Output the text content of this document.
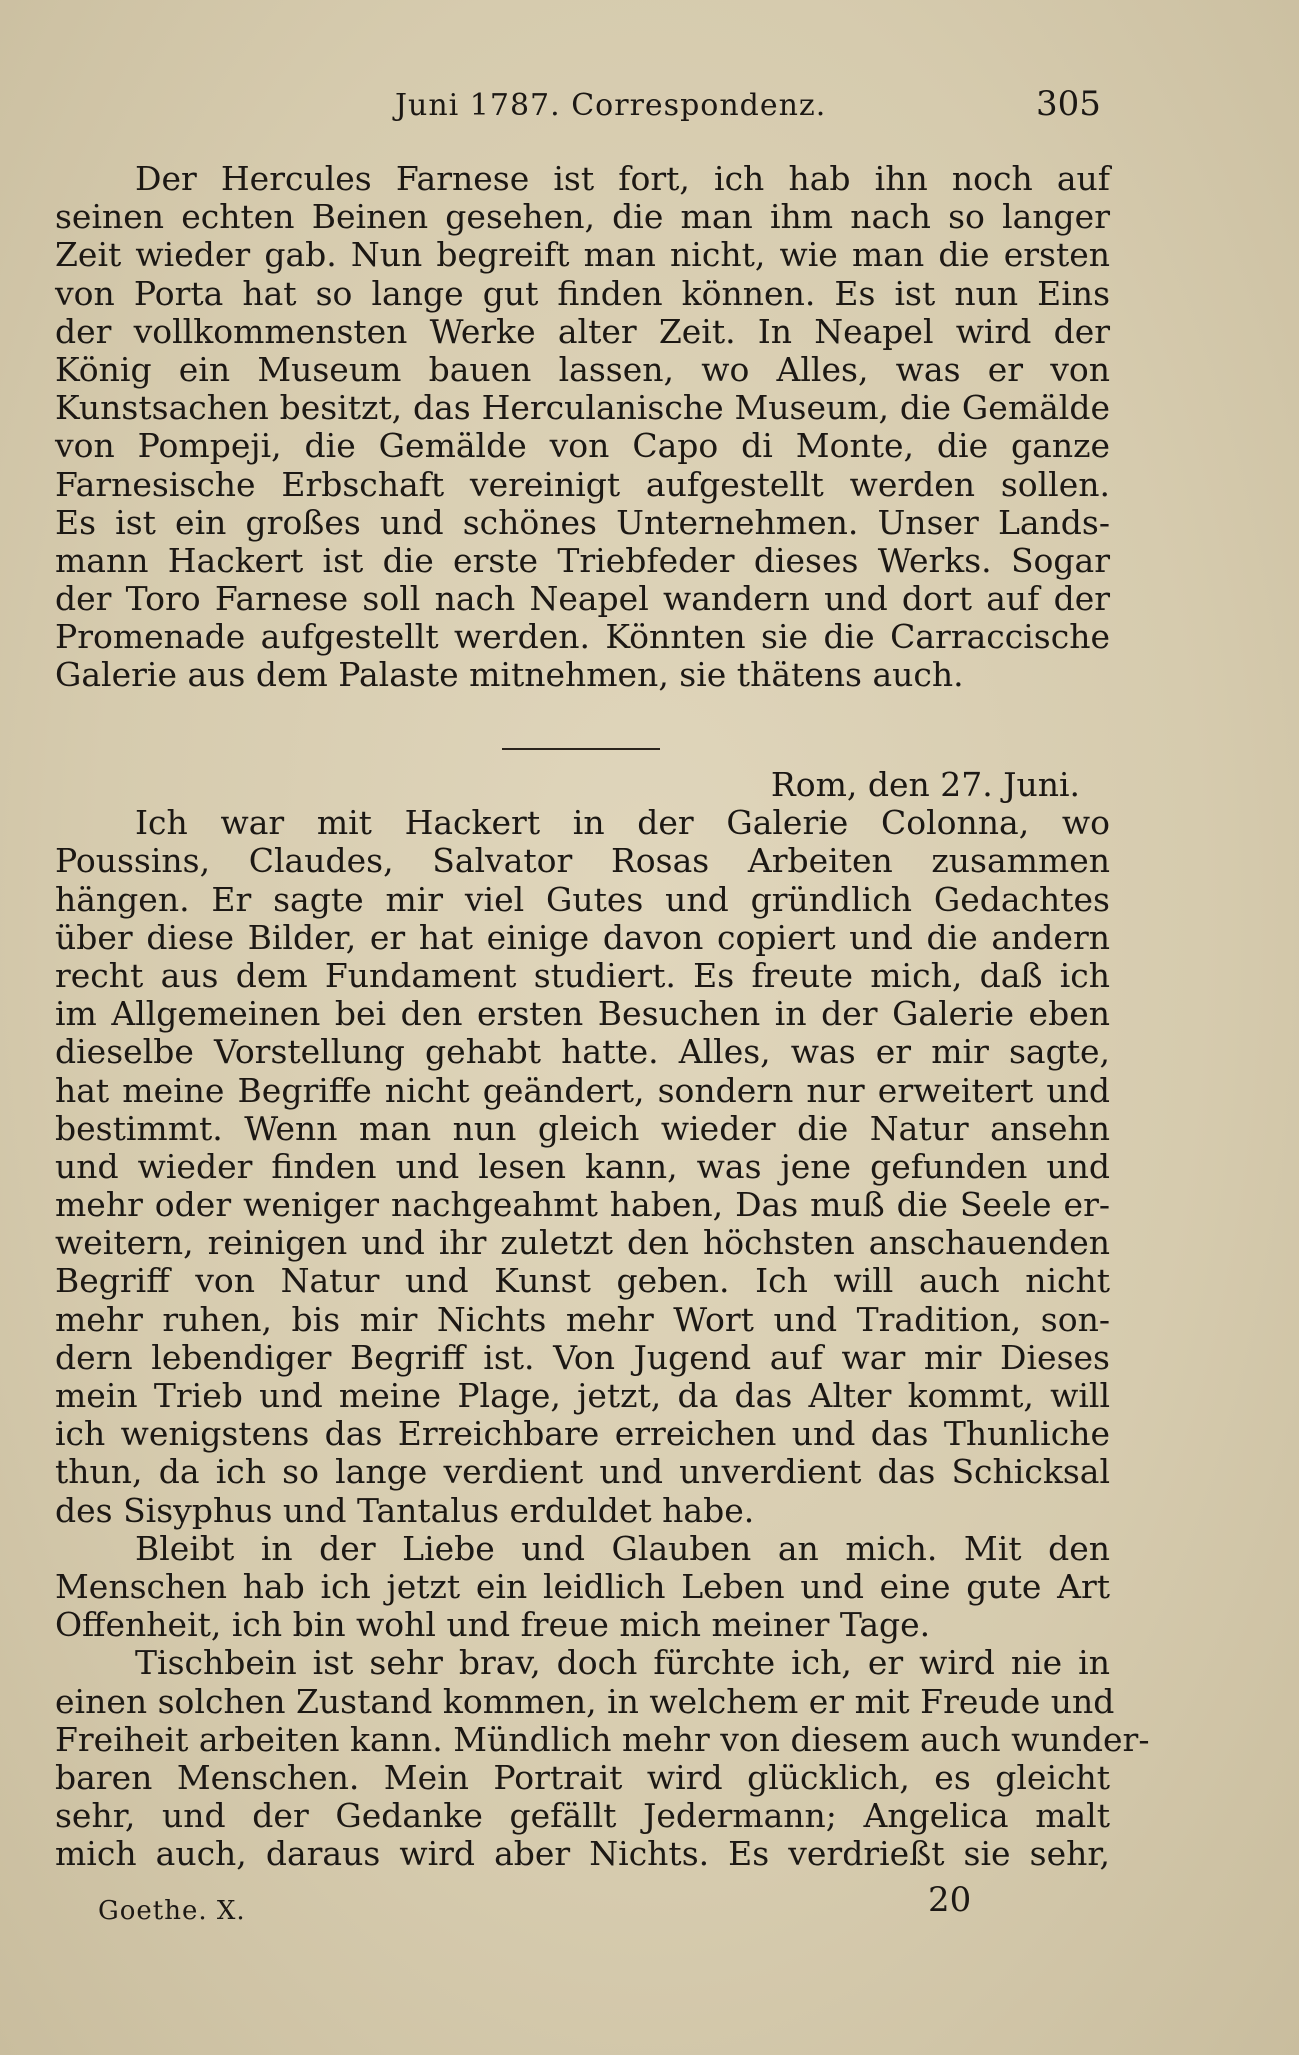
Juni 1787. Correspondenz.	305
Der Hercules Farnese ist fort, ich hab ihn noch auf
seinen echten Beinen gesehen, die man ihm nach so langer
Zeit wieder gab. Nun begreift man nicht, wie man die ersten
von Porta hat so lange gut finden können. Es ist nun Eins
der vollkommensten Werke alter Zeit. In Neapel wird der
König ein Museum bauen lassen, wo Alles, was er von
Kunstsachen besitzt, das Herculanische Museum, die Gemälde
von Pompeji, die Gemälde von Capo di Monte, die ganze
Farnesische Erbschaft vereinigt aufgestellt werden sollen.
Es ist ein großes und schönes Unternehmen. Unser Lands-
mann Hackert ist die erste Triebfeder dieses Werks. Sogar
der Toro Farnese soll nach Neapel wandern und dort auf der
Promenade aufgestellt werden. Könnten sie die Carraccische
Galerie aus dem Palaste mitnehmen, sie thätens auch.
Rom, den 27. Juni.
Ich war mit Hackert in der Galerie Colonna, wo
Poussins, Claudes, Salvator Rosas Arbeiten zusammen
hängen. Er sagte mir viel Gutes und gründlich Gedachtes
über diese Bilder, er hat einige davon copiert und die andern
recht aus dem Fundament studiert. Es freute mich, daß ich
im Allgemeinen bei den ersten Besuchen in der Galerie eben
dieselbe Vorstellung gehabt hatte. Alles, was er mir sagte,
hat meine Begriffe nicht geändert, sondern nur erweitert und
bestimmt. Wenn man nun gleich wieder die Natur ansehn
und wieder finden und lesen kann, was jene gefunden und
mehr oder weniger nachgeahmt haben, Das muß die Seele er-
weitern, reinigen und ihr zuletzt den höchsten anschauenden
Begriff von Natur und Kunst geben. Ich will auch nicht
mehr ruhen, bis mir Nichts mehr Wort und Tradition, son-
dern lebendiger Begriff ist. Von Jugend auf war mir Dieses
mein Trieb und meine Plage, jetzt, da das Alter kommt, will
ich wenigstens das Erreichbare erreichen und das Thunliche
thun, da ich so lange verdient und unverdient das Schicksal
des Sisyphus und Tantalus erduldet habe.
Bleibt in der Liebe und Glauben an mich. Mit den
Menschen hab ich jetzt ein leidlich Leben und eine gute Art
Offenheit, ich bin wohl und freue mich meiner Tage.
Tischbein ist sehr brav, doch fürchte ich, er wird nie in
einen solchen Zustand kommen, in welchem er mit Freude und
Freiheit arbeiten kann. Mündlich mehr von diesem auch wunder-
baren Menschen. Mein Portrait wird glücklich, es gleicht
sehr, und der Gedanke gefällt Jedermann; Angelica malt
mich auch, daraus wird aber Nichts. Es verdrießt sie sehr,
Goethe. X.	20
